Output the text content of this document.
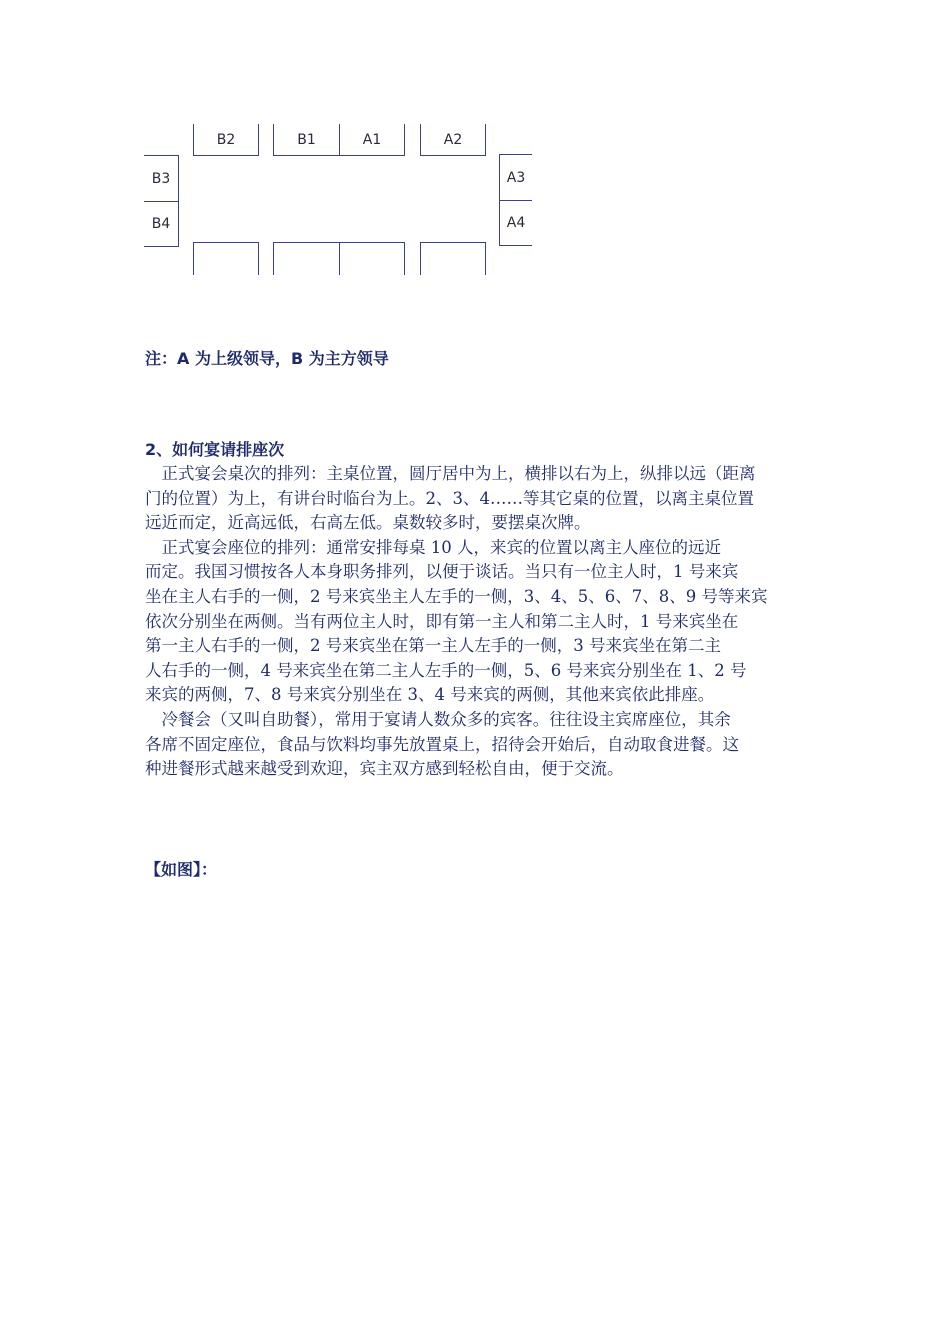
B2	B1	A1	A2
B3
B4
A3
A4
注：A 为上级领导，B 为主方领导
2、如何宴请排座次
　正式宴会桌次的排列：主桌位置，圆厅居中为上，横排以右为上，纵排以远（距离
门的位置）为上，有讲台时临台为上。2、3、4……等其它桌的位置，以离主桌位置
远近而定，近高远低，右高左低。桌数较多时，要摆桌次牌。
　正式宴会座位的排列：通常安排每桌 10 人，来宾的位置以离主人座位的远近
而定。我国习惯按各人本身职务排列，以便于谈话。当只有一位主人时，1 号来宾
坐在主人右手的一侧，2 号来宾坐主人左手的一侧，3、4、5、6、7、8、9 号等来宾
依次分别坐在两侧。当有两位主人时，即有第一主人和第二主人时，1 号来宾坐在
第一主人右手的一侧，2 号来宾坐在第一主人左手的一侧，3 号来宾坐在第二主
人右手的一侧，4 号来宾坐在第二主人左手的一侧，5、6 号来宾分别坐在 1、2 号
来宾的两侧，7、8 号来宾分别坐在 3、4 号来宾的两侧，其他来宾依此排座。
　冷餐会（又叫自助餐），常用于宴请人数众多的宾客。往往设主宾席座位，其余
各席不固定座位，食品与饮料均事先放置桌上，招待会开始后，自动取食进餐。这
种进餐形式越来越受到欢迎，宾主双方感到轻松自由，便于交流。
【如图】：
